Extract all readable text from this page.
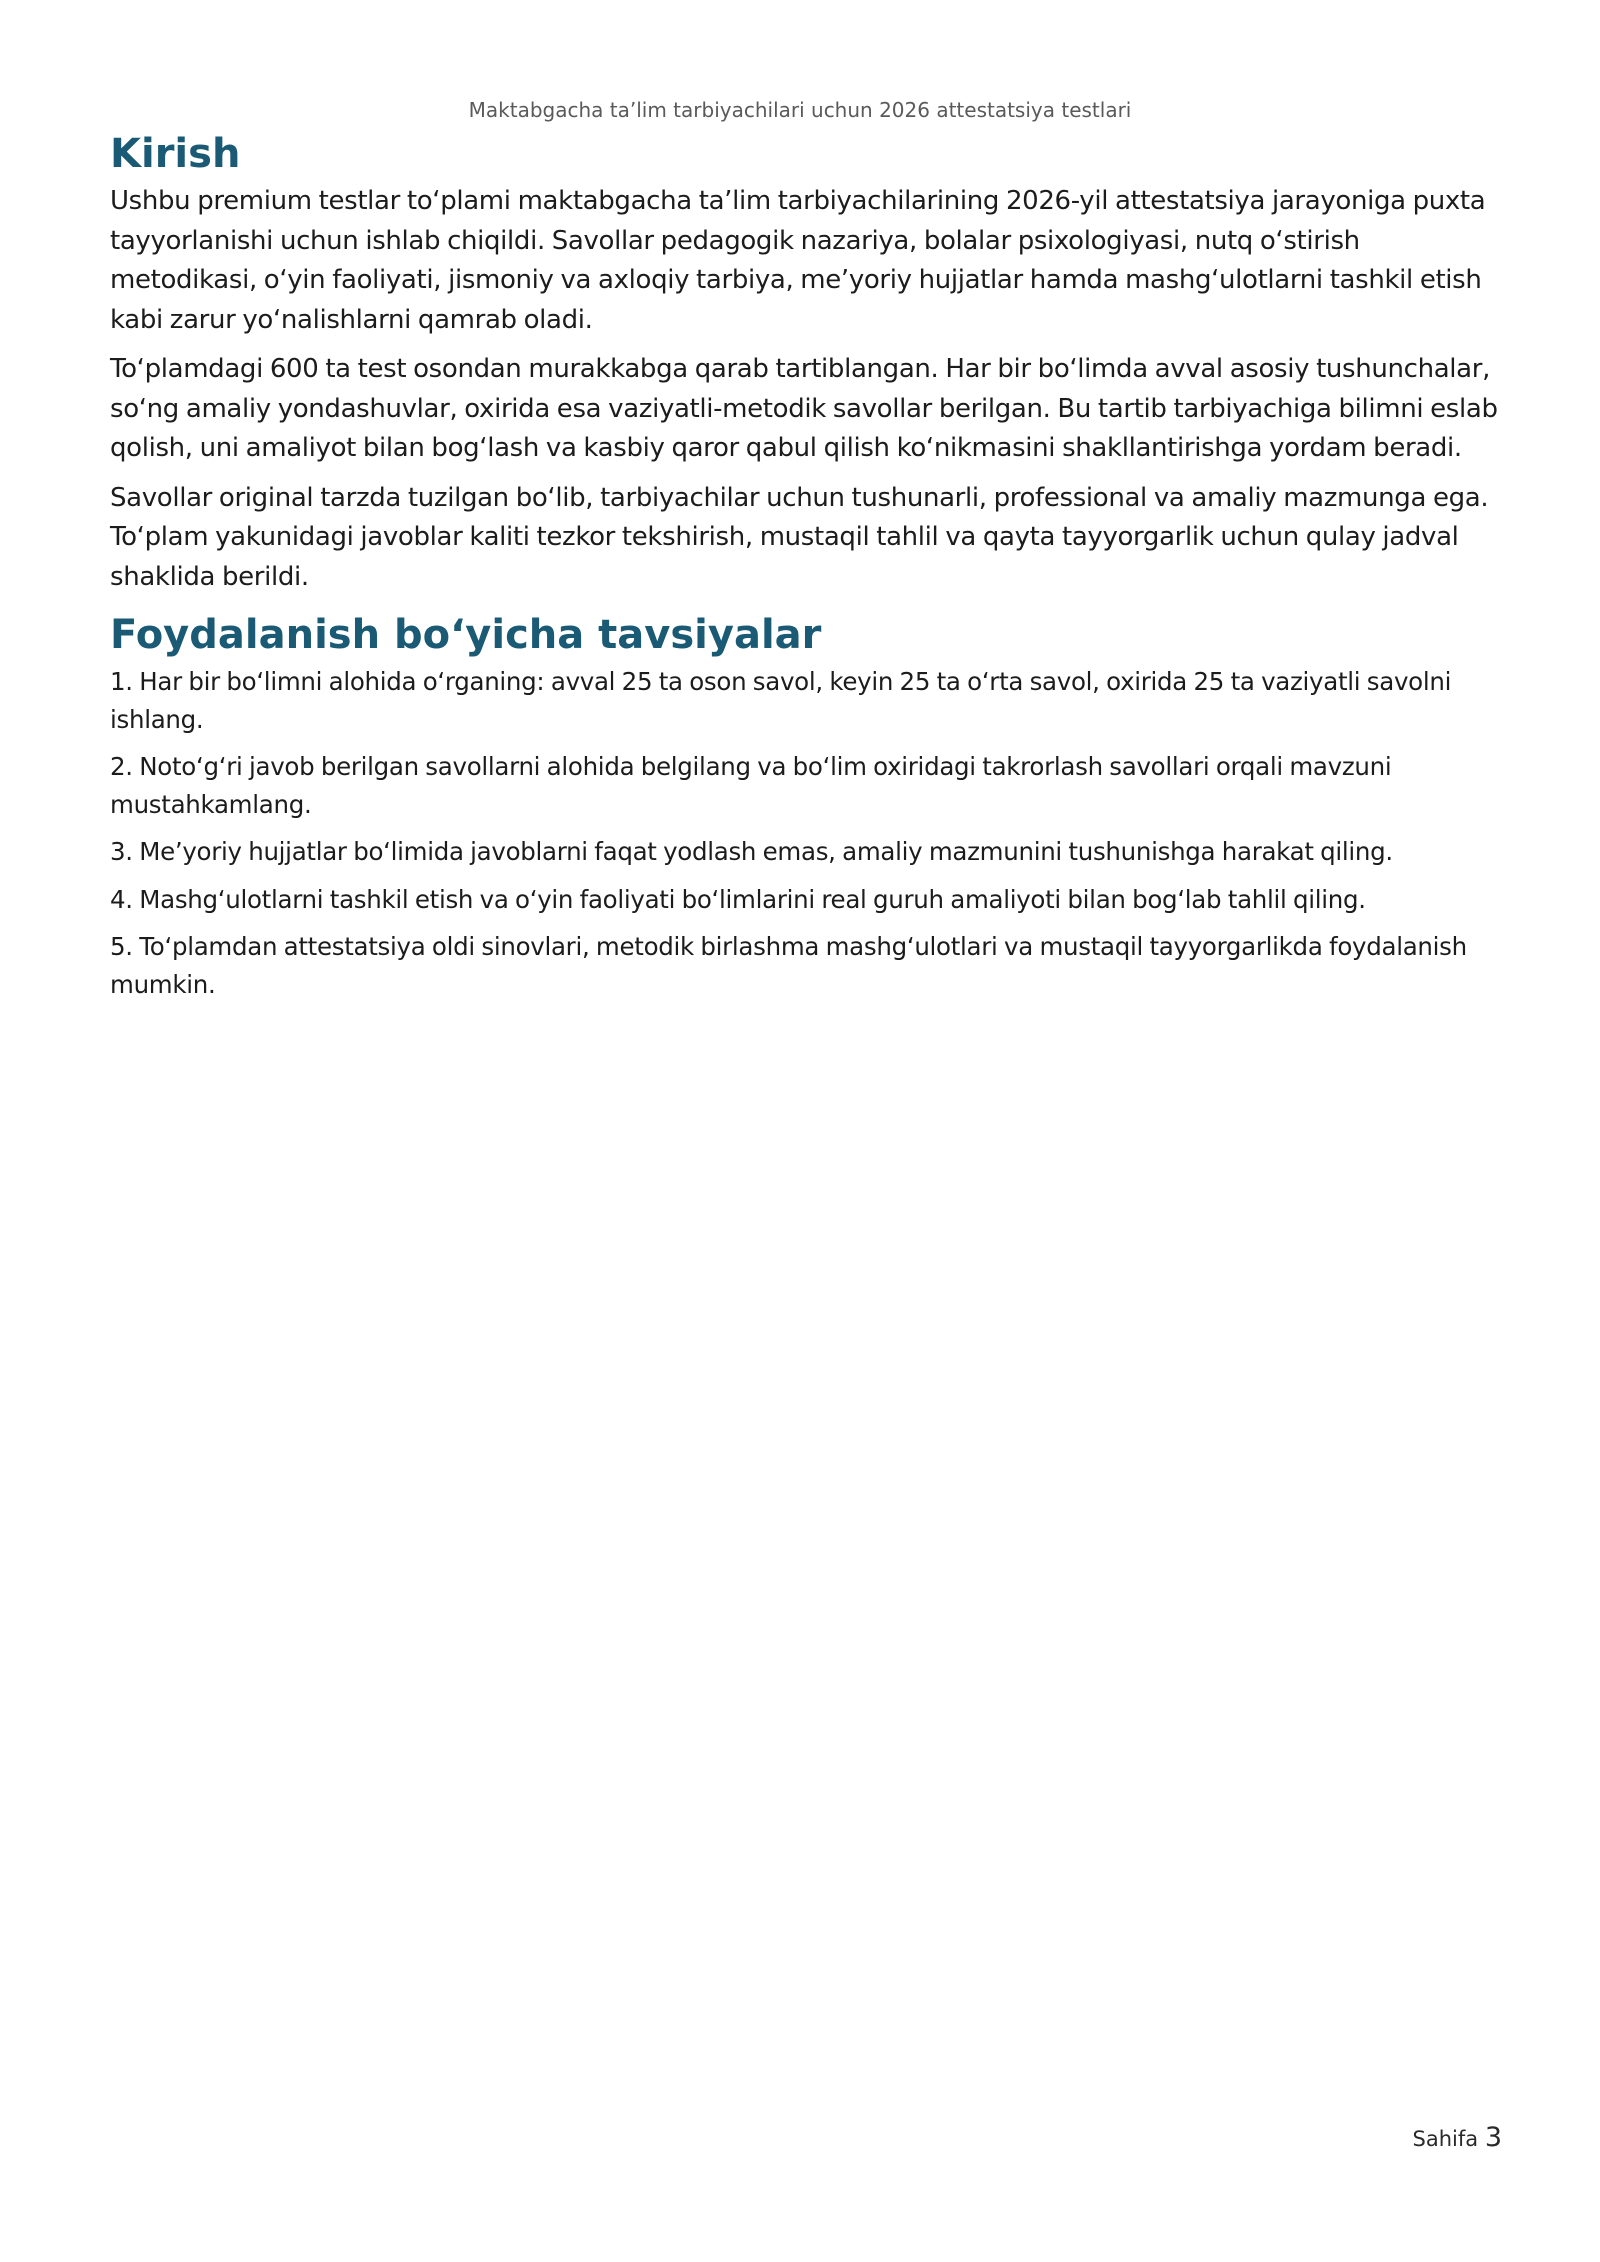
Maktabgacha ta’lim tarbiyachilari uchun 2026 attestatsiya testlari
Kirish

Ushbu premium testlar to‘plami maktabgacha ta’lim tarbiyachilarining 2026-yil attestatsiya jarayoniga puxta tayyorlanishi uchun ishlab chiqildi. Savollar pedagogik nazariya, bolalar psixologiyasi, nutq o‘stirish metodikasi, o‘yin faoliyati, jismoniy va axloqiy tarbiya, me’yoriy hujjatlar hamda mashg‘ulotlarni tashkil etish kabi zarur yo‘nalishlarni qamrab oladi.

To‘plamdagi 600 ta test osondan murakkabga qarab tartiblangan. Har bir bo‘limda avval asosiy tushunchalar, so‘ng amaliy yondashuvlar, oxirida esa vaziyatli-metodik savollar berilgan. Bu tartib tarbiyachiga bilimni eslab qolish, uni amaliyot bilan bog‘lash va kasbiy qaror qabul qilish ko‘nikmasini shakllantirishga yordam beradi.

Savollar original tarzda tuzilgan bo‘lib, tarbiyachilar uchun tushunarli, professional va amaliy mazmunga ega. To‘plam yakunidagi javoblar kaliti tezkor tekshirish, mustaqil tahlil va qayta tayyorgarlik uchun qulay jadval shaklida berildi.

Foydalanish bo‘yicha tavsiyalar
1. Har bir bo‘limni alohida o‘rganing: avval 25 ta oson savol, keyin 25 ta o‘rta savol, oxirida 25 ta vaziyatli savolni ishlang.
2. Noto‘g‘ri javob berilgan savollarni alohida belgilang va bo‘lim oxiridagi takrorlash savollari orqali mavzuni mustahkamlang.
3. Me’yoriy hujjatlar bo‘limida javoblarni faqat yodlash emas, amaliy mazmunini tushunishga harakat qiling.
4. Mashg‘ulotlarni tashkil etish va o‘yin faoliyati bo‘limlarini real guruh amaliyoti bilan bog‘lab tahlil qiling.
5. To‘plamdan attestatsiya oldi sinovlari, metodik birlashma mashg‘ulotlari va mustaqil tayyorgarlikda foydalanish mumkin.
Sahifa 3
